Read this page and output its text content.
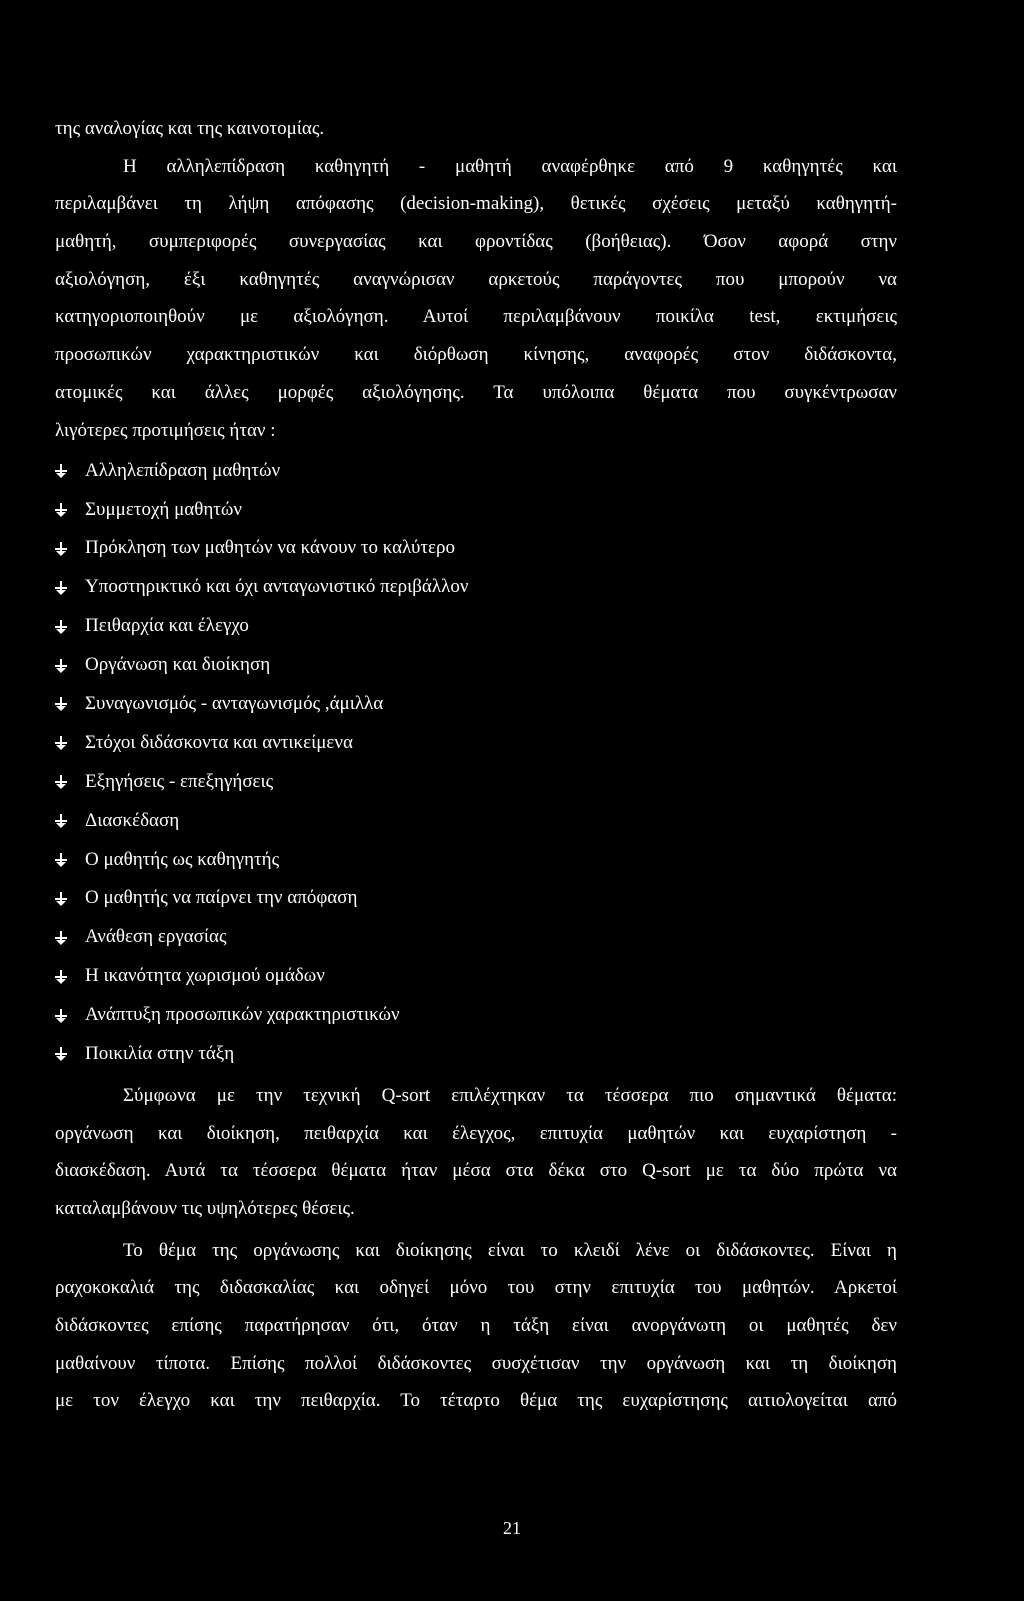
της αναλογίας και της καινοτομίας.
Η αλληλεπίδραση καθηγητή - μαθητή αναφέρθηκε από 9 καθηγητές και
περιλαμβάνει τη λήψη απόφασης (decision-making), θετικές σχέσεις μεταξύ καθηγητή-
μαθητή, συμπεριφορές συνεργασίας και φροντίδας (βοήθειας). Όσον αφορά στην
αξιολόγηση, έξι καθηγητές αναγνώρισαν αρκετούς παράγοντες που μπορούν να
κατηγοριοποιηθούν με αξιολόγηση. Αυτοί περιλαμβάνουν ποικίλα test, εκτιμήσεις
προσωπικών χαρακτηριστικών και διόρθωση κίνησης, αναφορές στον διδάσκοντα,
ατομικές και άλλες μορφές αξιολόγησης. Τα υπόλοιπα θέματα που συγκέντρωσαν
λιγότερες προτιμήσεις ήταν :
Αλληλεπίδραση μαθητών
Συμμετοχή μαθητών
Πρόκληση των μαθητών να κάνουν το καλύτερο
Υποστηρικτικό και όχι ανταγωνιστικό περιβάλλον
Πειθαρχία και έλεγχο
Οργάνωση και διοίκηση
Συναγωνισμός - ανταγωνισμός ,άμιλλα
Στόχοι διδάσκοντα και αντικείμενα
Εξηγήσεις - επεξηγήσεις
Διασκέδαση
Ο μαθητής ως καθηγητής
Ο μαθητής να παίρνει την απόφαση
Ανάθεση εργασίας
Η ικανότητα χωρισμού ομάδων
Ανάπτυξη προσωπικών χαρακτηριστικών
Ποικιλία στην τάξη
Σύμφωνα με την τεχνική Q-sort επιλέχτηκαν τα τέσσερα πιο σημαντικά θέματα:
οργάνωση και διοίκηση, πειθαρχία και έλεγχος, επιτυχία μαθητών και ευχαρίστηση -
διασκέδαση. Αυτά τα τέσσερα θέματα ήταν μέσα στα δέκα στο Q-sort με τα δύο πρώτα να
καταλαμβάνουν τις υψηλότερες θέσεις.
Το θέμα της οργάνωσης και διοίκησης είναι το κλειδί λένε οι διδάσκοντες. Είναι η
ραχοκοκαλιά της διδασκαλίας και οδηγεί μόνο του στην επιτυχία του μαθητών. Αρκετοί
διδάσκοντες επίσης παρατήρησαν ότι, όταν η τάξη είναι ανοργάνωτη οι μαθητές δεν
μαθαίνουν τίποτα. Επίσης πολλοί διδάσκοντες συσχέτισαν την οργάνωση και τη διοίκηση
με τον έλεγχο και την πειθαρχία. Το τέταρτο θέμα της ευχαρίστησης αιτιολογείται από
21
